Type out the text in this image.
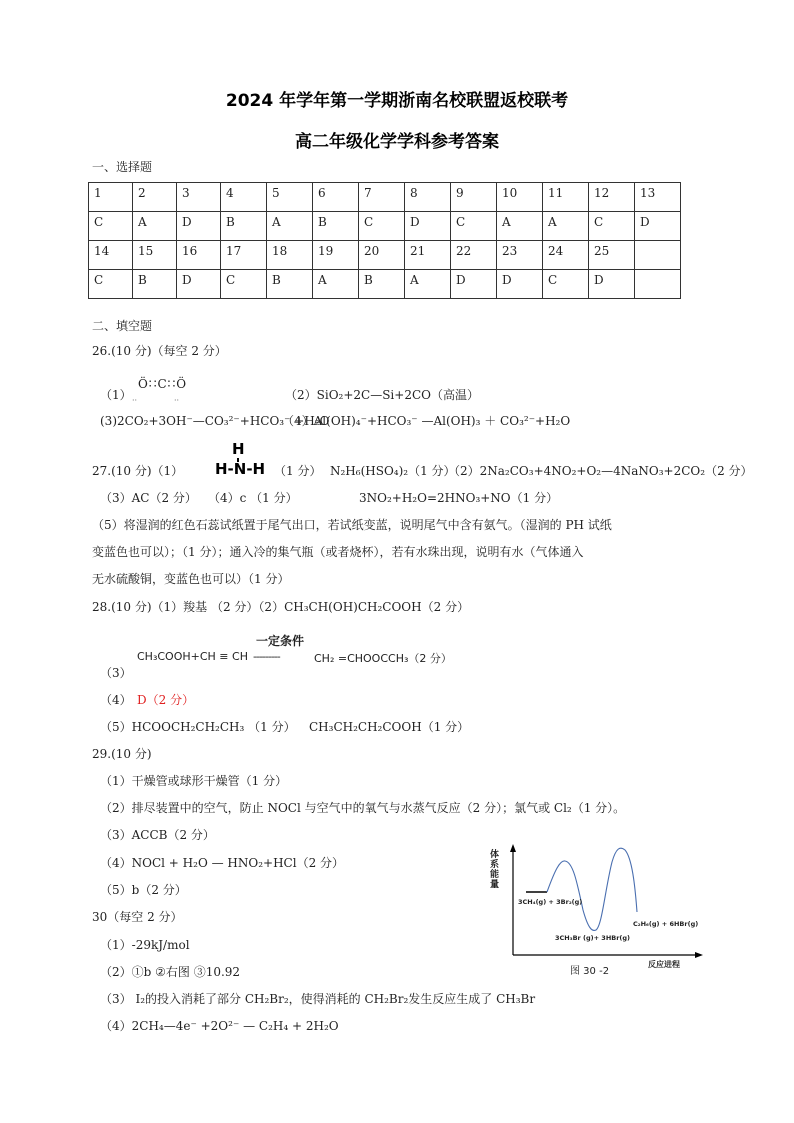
2024 年学年第一学期浙南名校联盟返校联考
高二年级化学学科参考答案
一、选择题
1	2	3	4	5	6	7	8	9	10	11	12	13
C	A	D	B	A	B	C	D	C	A	A	C	D
14	15	16	17	18	19	20	21	22	23	24	25	
C	B	D	C	B	A	B	A	D	D	C	D	
二、填空题
26.(10 分)（每空 2 分）
（1）
Ö∷C∷Ö
··	··	（2）SiO₂+2C—Si+2CO（高温）
(3)2CO₂+3OH⁻—CO₃²⁻+HCO₃⁻ +H₂O
（4）Al(OH)₄⁻+HCO₃⁻ —Al(OH)₃ ＋ CO₃²⁻+H₂O
27.(10 分)（1）
H
H-N-H （1 分） N₂H₆(HSO₄)₂（1 分）
（2）2Na₂CO₃+4NO₂+O₂—4NaNO₃+2CO₂（2 分）
（3）AC（2 分） （4）c （1 分）	3NO₂+H₂O=2HNO₃+NO（1 分）
（5）将湿润的红色石蕊试纸置于尾气出口，若试纸变蓝，说明尾气中含有氨气。（湿润的 PH 试纸
变蓝色也可以）；（1 分）；通入冷的集气瓶（或者烧杯），若有水珠出现，说明有水（气体通入
无水硫酸铜，变蓝色也可以）（1 分）
28.(10 分)（1）羧基 （2 分）（2）CH₃CH(OH)CH₂COOH（2 分）
一定条件
CH₃COOH+CH ≡ CH ---------	CH₂ =CHOOCCH₃（2 分）
（3）
（4） D（2 分）
（5）HCOOCH₂CH₂CH₃ （1 分） CH₃CH₂CH₂COOH（1 分）
29.(10 分)
（1）干燥管或球形干燥管（1 分）
（2）排尽装置中的空气，防止 NOCl 与空气中的氧气与水蒸气反应（2 分）；氯气或 Cl₂（1 分）。
（3）ACCB（2 分）
（4）NOCl + H₂O — HNO₂+HCl（2 分）
（5）b（2 分）
30（每空 2 分）
（1）-29kJ/mol
（2）①b ②右图 ③10.92
（3） I₂的投入消耗了部分 CH₂Br₂，使得消耗的 CH₂Br₂发生反应生成了 CH₃Br
（4）2CH₄—4e⁻ +2O²⁻ — C₂H₄ + 2H₂O
3CH₄(g) + 3Br₂(g)
3CH₃Br (g)+ 3HBr(g)
C₂H₆(g) + 6HBr(g)
反应进程
图 30 -2
体系能量
